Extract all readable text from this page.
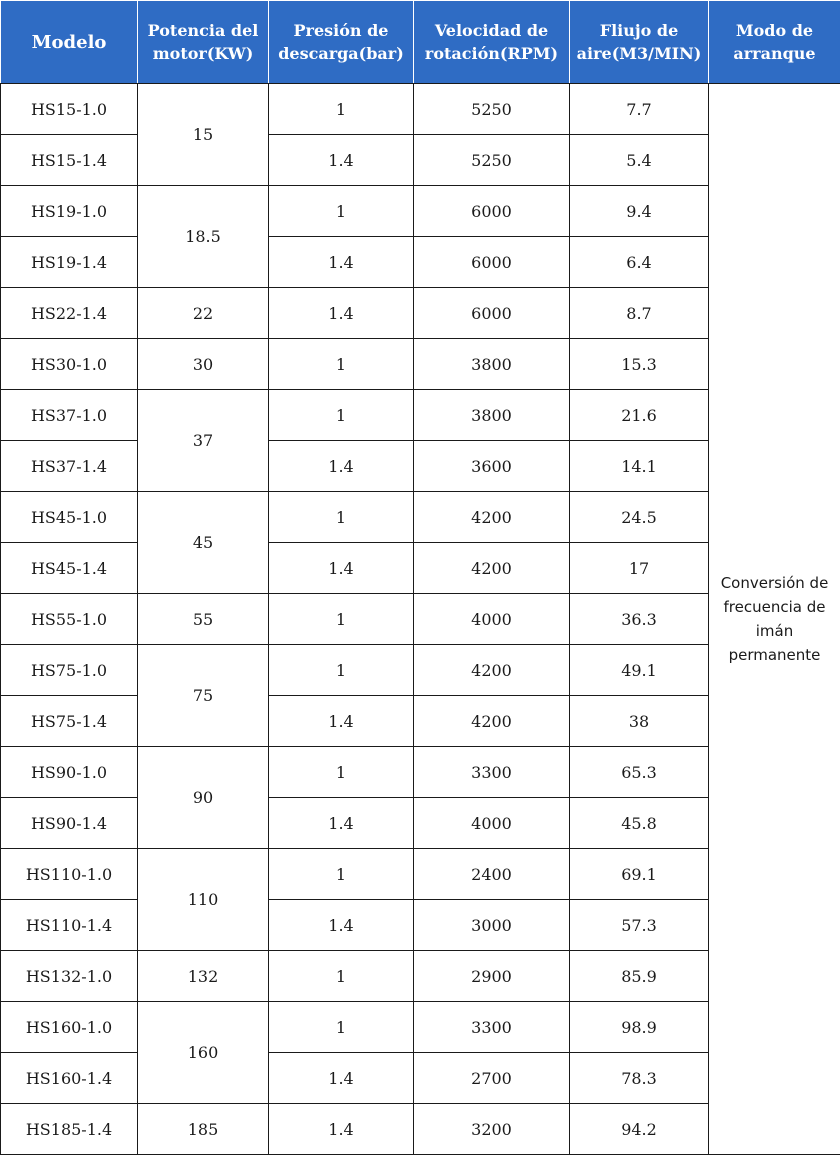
Modelo	Potencia del motor(KW)	Presión de descarga(bar)	Velocidad de rotación(RPM)	Fliujo de aire(M3/MIN)	Modo de arranque
HS15-1.0	15	1	5250	7.7	Conversión de frecuencia de imán permanente
HS15-1.4		1.4	5250	5.4	
HS19-1.0	18.5	1	6000	9.4	
HS19-1.4		1.4	6000	6.4	
HS22-1.4	22	1.4	6000	8.7	
HS30-1.0	30	1	3800	15.3	
HS37-1.0	37	1	3800	21.6	
HS37-1.4		1.4	3600	14.1	
HS45-1.0	45	1	4200	24.5	
HS45-1.4		1.4	4200	17	
HS55-1.0	55	1	4000	36.3	
HS75-1.0	75	1	4200	49.1	
HS75-1.4		1.4	4200	38	
HS90-1.0	90	1	3300	65.3	
HS90-1.4		1.4	4000	45.8	
HS110-1.0	110	1	2400	69.1	
HS110-1.4		1.4	3000	57.3	
HS132-1.0	132	1	2900	85.9	
HS160-1.0	160	1	3300	98.9	
HS160-1.4		1.4	2700	78.3	
HS185-1.4	185	1.4	3200	94.2	
